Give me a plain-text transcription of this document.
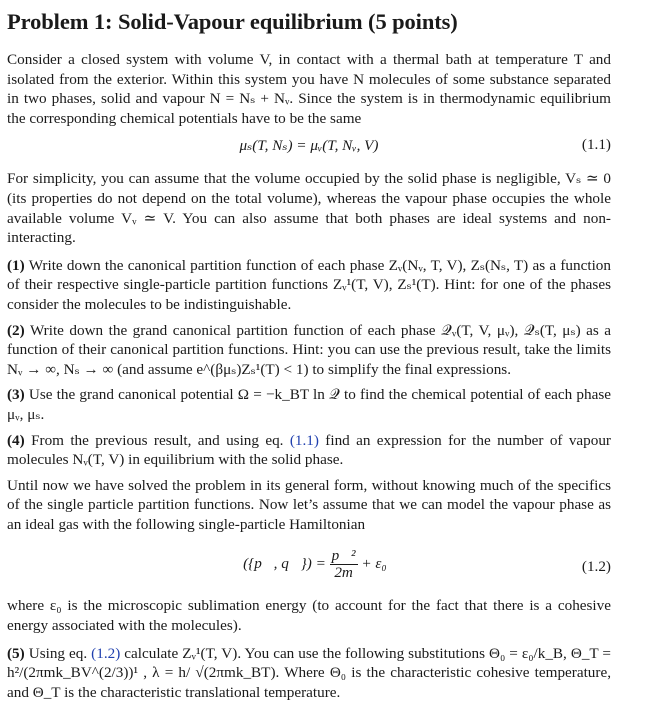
Problem 1: Solid-Vapour equilibrium (5 points)

Consider a closed system with volume V, in contact with a thermal bath at temperature T and isolated from the exterior. Within this system you have N molecules of some substance separated in two phases, solid and vapour N = Nₛ + Nᵥ. Since the system is in thermodynamic equilibrium the corresponding chemical potentials have to be the same

μₛ(T, Nₛ) = μᵥ(T, Nᵥ, V)	(1.1)

For simplicity, you can assume that the volume occupied by the solid phase is negligible, Vₛ ≃ 0 (its properties do not depend on the total volume), whereas the vapour phase occupies the whole available volume Vᵥ ≃ V. You can also assume that both phases are ideal systems and non-interacting.

(1) Write down the canonical partition function of each phase Zᵥ(Nᵥ, T, V), Zₛ(Nₛ, T) as a function of their respective single-particle partition functions Zᵥ¹(T, V), Zₛ¹(T). Hint: for one of the phases consider the molecules to be indistinguishable.

(2) Write down the grand canonical partition function of each phase 𝒬ᵥ(T, V, μᵥ), 𝒬ₛ(T, μₛ) as a function of their canonical partition functions. Hint: you can use the previous result, take the limits Nᵥ → ∞, Nₛ → ∞ (and assume e^(βμₛ)Zₛ¹(T) < 1) to simplify the final expressions.

(3) Use the grand canonical potential Ω = −k_BT ln 𝒬 to find the chemical potential of each phase μᵥ, μₛ.

(4) From the previous result, and using eq. (1.1) find an expression for the number of vapour molecules Nᵥ(T, V) in equilibrium with the solid phase.

Until now we have solved the problem in its general form, without knowing much of the specifics of the single particle partition functions. Now let’s assume that we can model the vapour phase as an ideal gas with the following single-particle Hamiltonian

ℋ({p⃗, q⃗}) = $\frac{\text{p⃗²}}{2m} + \varepsilon_0$	(1.2)

where ε₀ is the microscopic sublimation energy (to account for the fact that there is a cohesive energy associated with the molecules).

(5) Using eq. (1.2) calculate Zᵥ¹(T, V). You can use the following substitutions Θ₀ = ε₀/k_B, Θ_T = h²/(2πmk_BV^(2/3))¹ , λ = h/ √(2πmk_BT). Where Θ₀ is the characteristic cohesive temperature, and Θ_T is the characteristic translational temperature.
